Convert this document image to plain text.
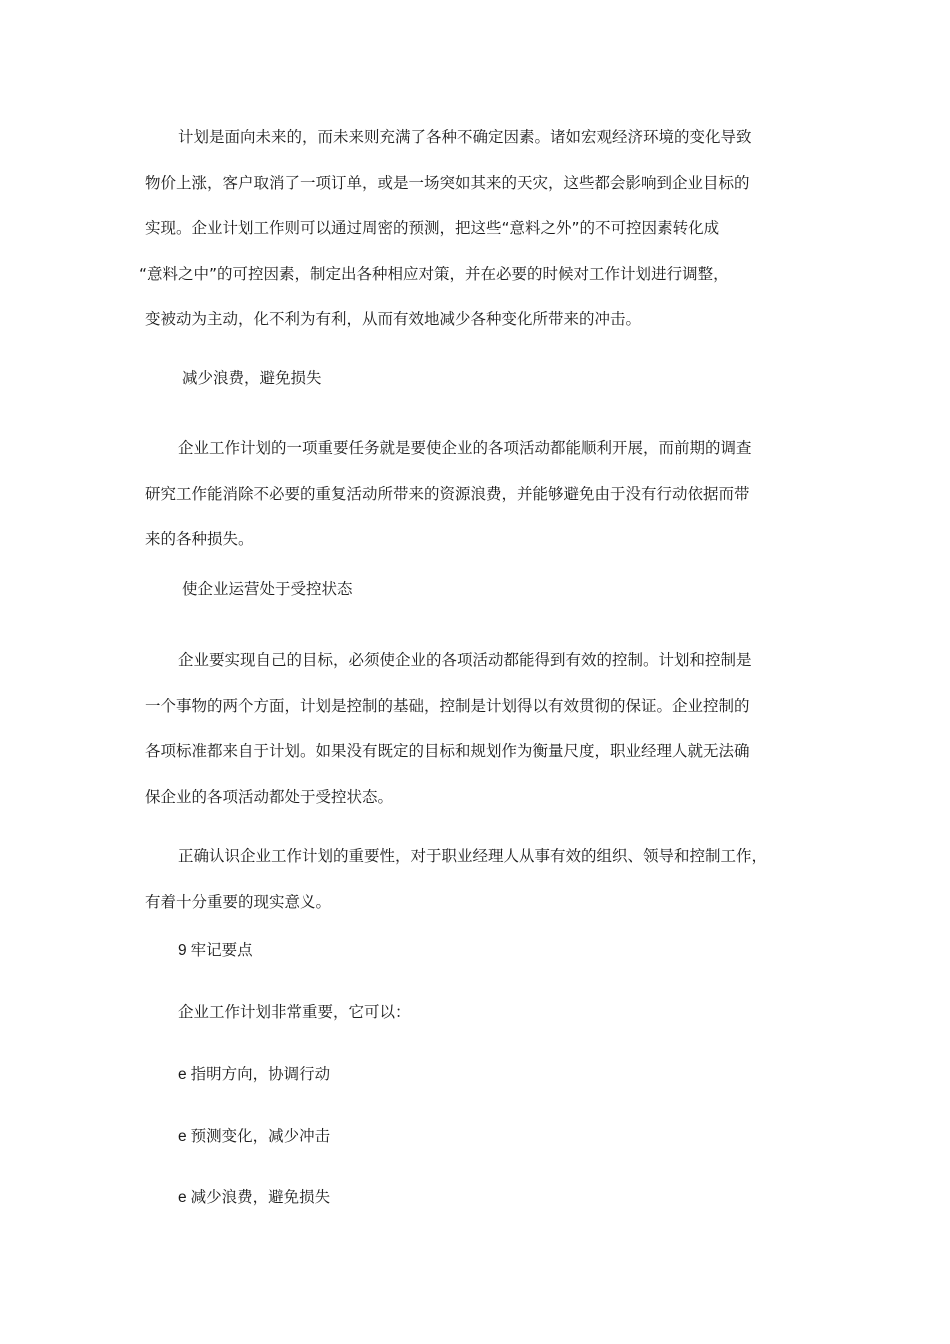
计划是面向未来的，而未来则充满了各种不确定因素。诸如宏观经济环境的变化导致
物价上涨，客户取消了一项订单，或是一场突如其来的天灾，这些都会影响到企业目标的
实现。企业计划工作则可以通过周密的预测，把这些“意料之外”的不可控因素转化成
“意料之中”的可控因素，制定出各种相应对策，并在必要的时候对工作计划进行调整，
变被动为主动，化不利为有利，从而有效地减少各种变化所带来的冲击。
减少浪费，避免损失
企业工作计划的一项重要任务就是要使企业的各项活动都能顺利开展，而前期的调查
研究工作能消除不必要的重复活动所带来的资源浪费，并能够避免由于没有行动依据而带
来的各种损失。
使企业运营处于受控状态
企业要实现自己的目标，必须使企业的各项活动都能得到有效的控制。计划和控制是
一个事物的两个方面，计划是控制的基础，控制是计划得以有效贯彻的保证。企业控制的
各项标准都来自于计划。如果没有既定的目标和规划作为衡量尺度，职业经理人就无法确
保企业的各项活动都处于受控状态。
正确认识企业工作计划的重要性，对于职业经理人从事有效的组织、领导和控制工作，
有着十分重要的现实意义。
9 牢记要点
企业工作计划非常重要，它可以：
e 指明方向，协调行动
e 预测变化，减少冲击
e 减少浪费，避免损失
